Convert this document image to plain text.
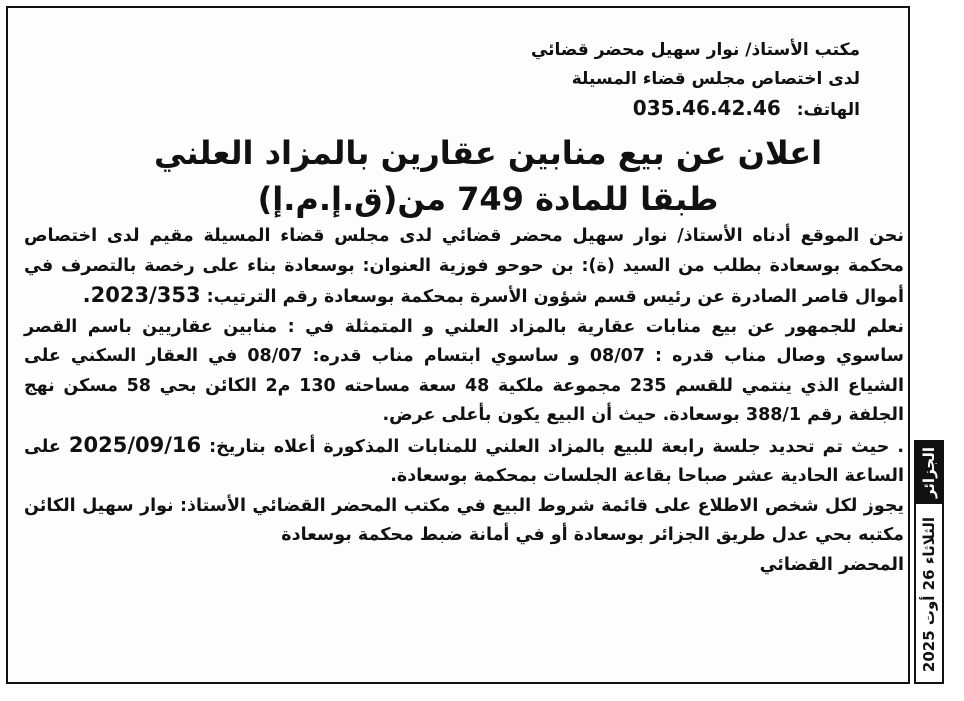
مكتب الأستاذ/ نوار سهيل محضر قضائي
لدى اختصاص مجلس قضاء المسيلة
الهاتف: 035.46.42.46
اعلان عن بيع منابين عقارين بالمزاد العلني
طبقا للمادة 749 من(ق.إ.م.إ)

نحن الموقع أدناه الأستاذ/ نوار سهيل محضر قضائي لدى مجلس قضاء المسيلة مقيم لدى اختصاص محكمة بوسعادة بطلب من السيد (ة): بن حوحو فوزية العنوان: بوسعادة بناء على رخصة بالتصرف في أموال قاصر الصادرة عن رئيس قسم شؤون الأسرة بمحكمة بوسعادة رقم الترتيب: 2023/353.

نعلم للجمهور عن بيع منابات عقارية بالمزاد العلني و المتمثلة في : منابين عقاريين باسم القصر ساسوي وصال مناب قدره : 08/07 و ساسوي ابتسام مناب قدره: 08/07 في العقار السكني على الشياع الذي ينتمي للقسم 235 مجموعة ملكية 48 سعة مساحته 130 م2 الكائن بحي 58 مسكن نهج الجلفة رقم 388/1 بوسعادة. حيث أن البيع يكون بأعلى عرض.

. حيث تم تحديد جلسة رابعة للبيع بالمزاد العلني للمنابات المذكورة أعلاه بتاريخ: 2025/09/16 على الساعة الحادية عشر صباحا بقاعة الجلسات بمحكمة بوسعادة.

يجوز لكل شخص الاطلاع على قائمة شروط البيع في مكتب المحضر القضائي الأستاذ: نوار سهيل الكائن مكتبه بحي عدل طريق الجزائر بوسعادة أو في أمانة ضبط محكمة بوسعادة

المحضر القضائي

الجزائر
الثلاثاء 26 أوت 2025
